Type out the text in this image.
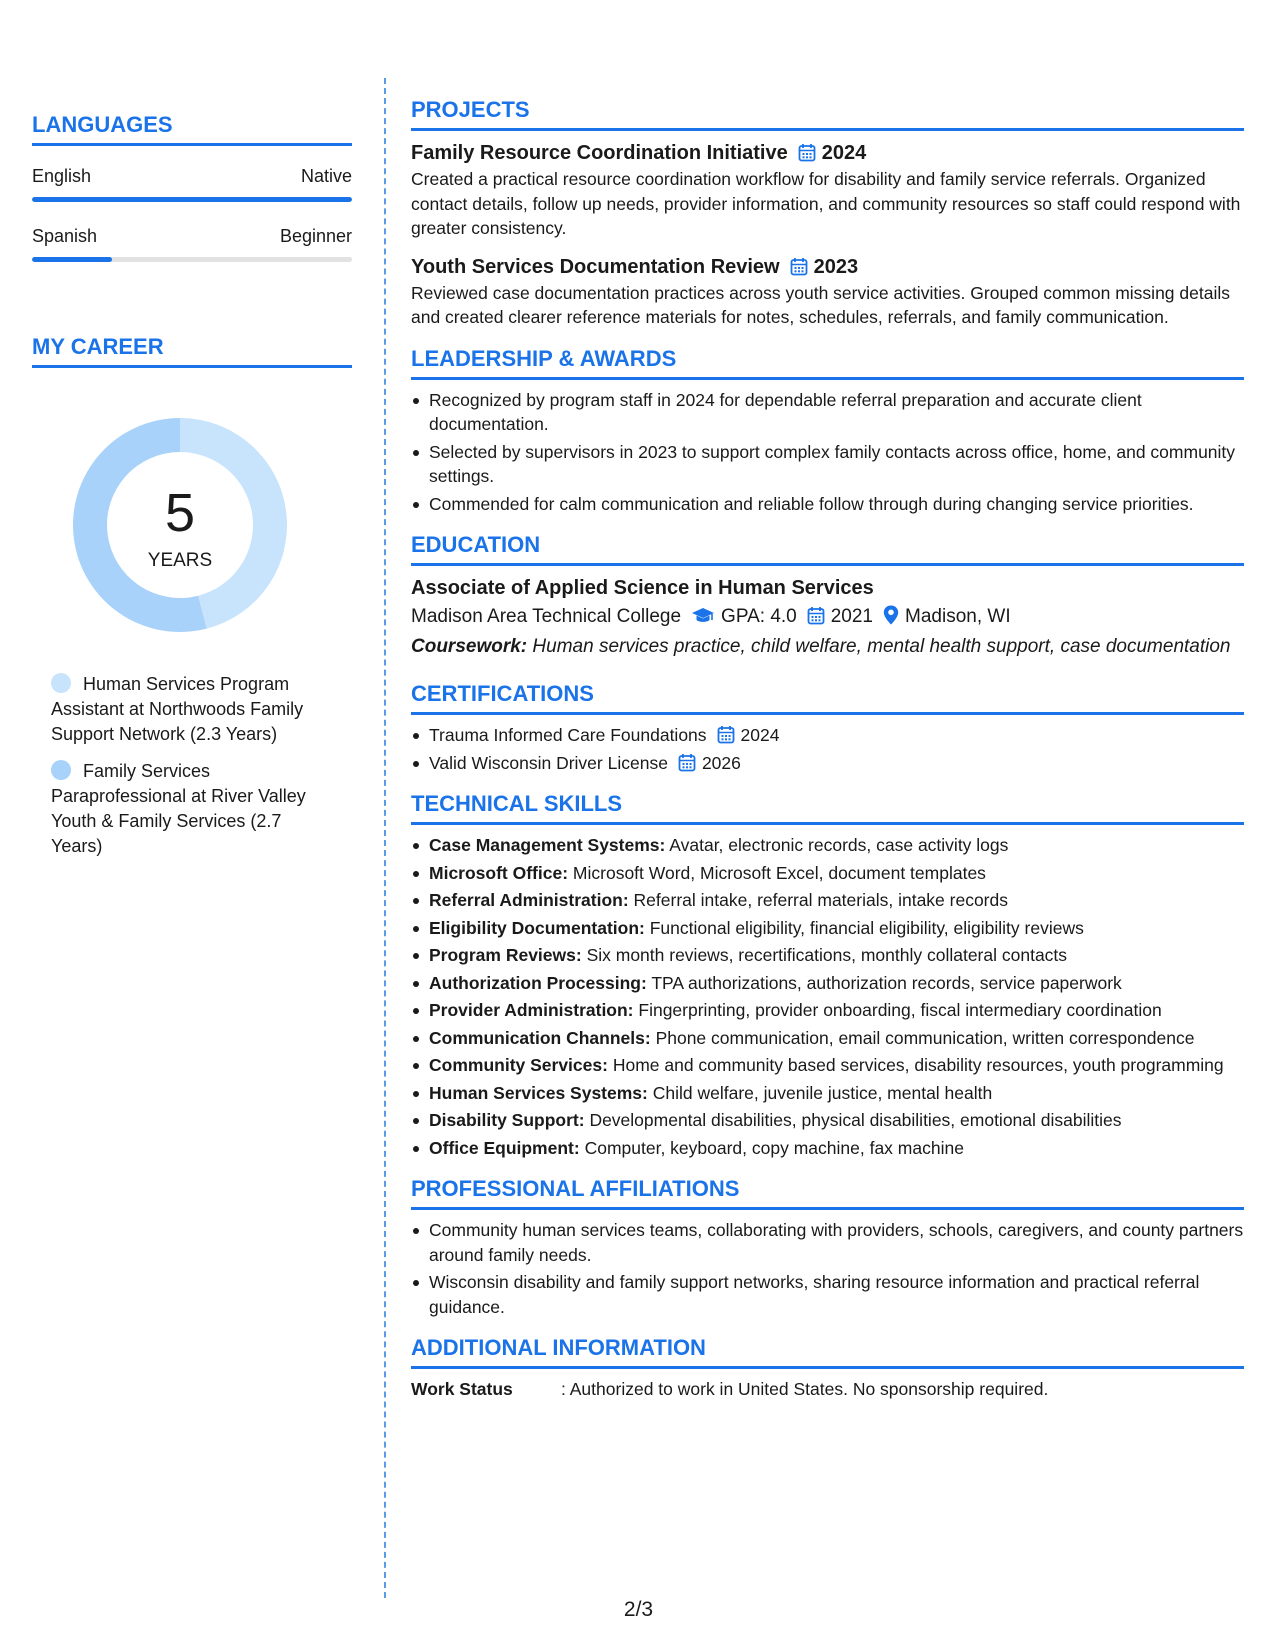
LANGUAGES
English	Native
Spanish	Beginner
MY CAREER
5
YEARS
Human Services Program Assistant at Northwoods Family Support Network (2.3 Years)
Family Services Paraprofessional at River Valley Youth & Family Services (2.7 Years)
PROJECTS
Family Resource Coordination Initiative 2024
Created a practical resource coordination workflow for disability and family service referrals. Organized contact details, follow up needs, provider information, and community resources so staff could respond with greater consistency.
Youth Services Documentation Review 2023
Reviewed case documentation practices across youth service activities. Grouped common missing details and created clearer reference materials for notes, schedules, referrals, and family communication.
LEADERSHIP & AWARDS
Recognized by program staff in 2024 for dependable referral preparation and accurate client documentation.
Selected by supervisors in 2023 to support complex family contacts across office, home, and community settings.
Commended for calm communication and reliable follow through during changing service priorities.
EDUCATION
Associate of Applied Science in Human Services
Madison Area Technical College GPA: 4.0 2021 Madison, WI
Coursework: Human services practice, child welfare, mental health support, case documentation
CERTIFICATIONS
Trauma Informed Care Foundations 2024
Valid Wisconsin Driver License 2026
TECHNICAL SKILLS
Case Management Systems: Avatar, electronic records, case activity logs
Microsoft Office: Microsoft Word, Microsoft Excel, document templates
Referral Administration: Referral intake, referral materials, intake records
Eligibility Documentation: Functional eligibility, financial eligibility, eligibility reviews
Program Reviews: Six month reviews, recertifications, monthly collateral contacts
Authorization Processing: TPA authorizations, authorization records, service paperwork
Provider Administration: Fingerprinting, provider onboarding, fiscal intermediary coordination
Communication Channels: Phone communication, email communication, written correspondence
Community Services: Home and community based services, disability resources, youth programming
Human Services Systems: Child welfare, juvenile justice, mental health
Disability Support: Developmental disabilities, physical disabilities, emotional disabilities
Office Equipment: Computer, keyboard, copy machine, fax machine
PROFESSIONAL AFFILIATIONS
Community human services teams, collaborating with providers, schools, caregivers, and county partners around family needs.
Wisconsin disability and family support networks, sharing resource information and practical referral guidance.
ADDITIONAL INFORMATION
Work Status	: Authorized to work in United States. No sponsorship required.
2/3
